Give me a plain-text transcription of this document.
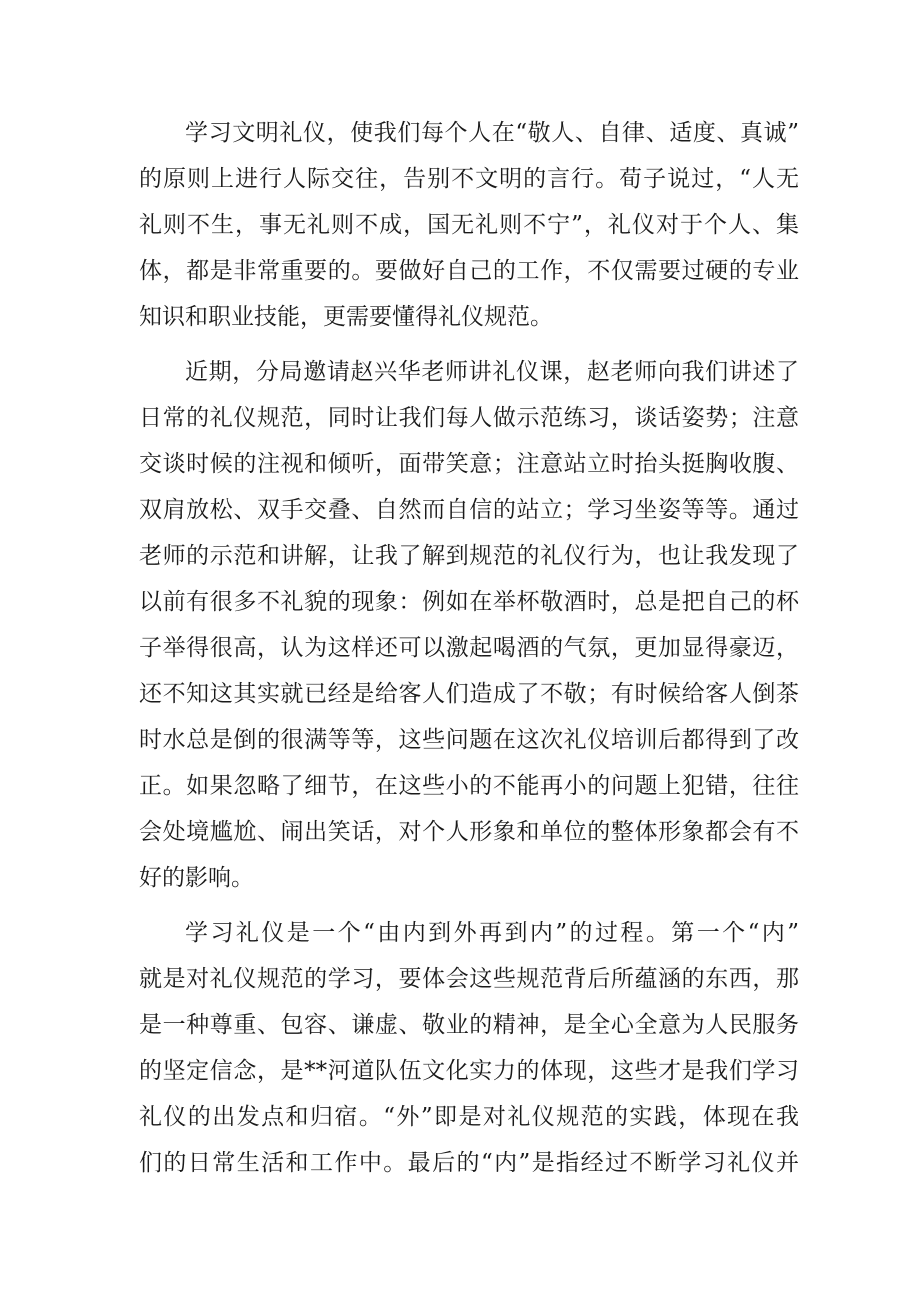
学习文明礼仪，使我们每个人在“敬人、自律、适度、真诚”
的原则上进行人际交往，告别不文明的言行。荀子说过，“人无
礼则不生，事无礼则不成，国无礼则不宁”，礼仪对于个人、集
体，都是非常重要的。要做好自己的工作，不仅需要过硬的专业
知识和职业技能，更需要懂得礼仪规范。
近期，分局邀请赵兴华老师讲礼仪课，赵老师向我们讲述了
日常的礼仪规范，同时让我们每人做示范练习，谈话姿势；注意
交谈时候的注视和倾听，面带笑意；注意站立时抬头挺胸收腹、
双肩放松、双手交叠、自然而自信的站立；学习坐姿等等。通过
老师的示范和讲解，让我了解到规范的礼仪行为，也让我发现了
以前有很多不礼貌的现象：例如在举杯敬酒时，总是把自己的杯
子举得很高，认为这样还可以激起喝酒的气氛，更加显得豪迈，
还不知这其实就已经是给客人们造成了不敬；有时候给客人倒茶
时水总是倒的很满等等，这些问题在这次礼仪培训后都得到了改
正。如果忽略了细节，在这些小的不能再小的问题上犯错，往往
会处境尴尬、闹出笑话，对个人形象和单位的整体形象都会有不
好的影响。
学习礼仪是一个“由内到外再到内”的过程。第一个“内”
就是对礼仪规范的学习，要体会这些规范背后所蕴涵的东西，那
是一种尊重、包容、谦虚、敬业的精神，是全心全意为人民服务
的坚定信念，是**河道队伍文化实力的体现，这些才是我们学习
礼仪的出发点和归宿。“外”即是对礼仪规范的实践，体现在我
们的日常生活和工作中。最后的“内”是指经过不断学习礼仪并
